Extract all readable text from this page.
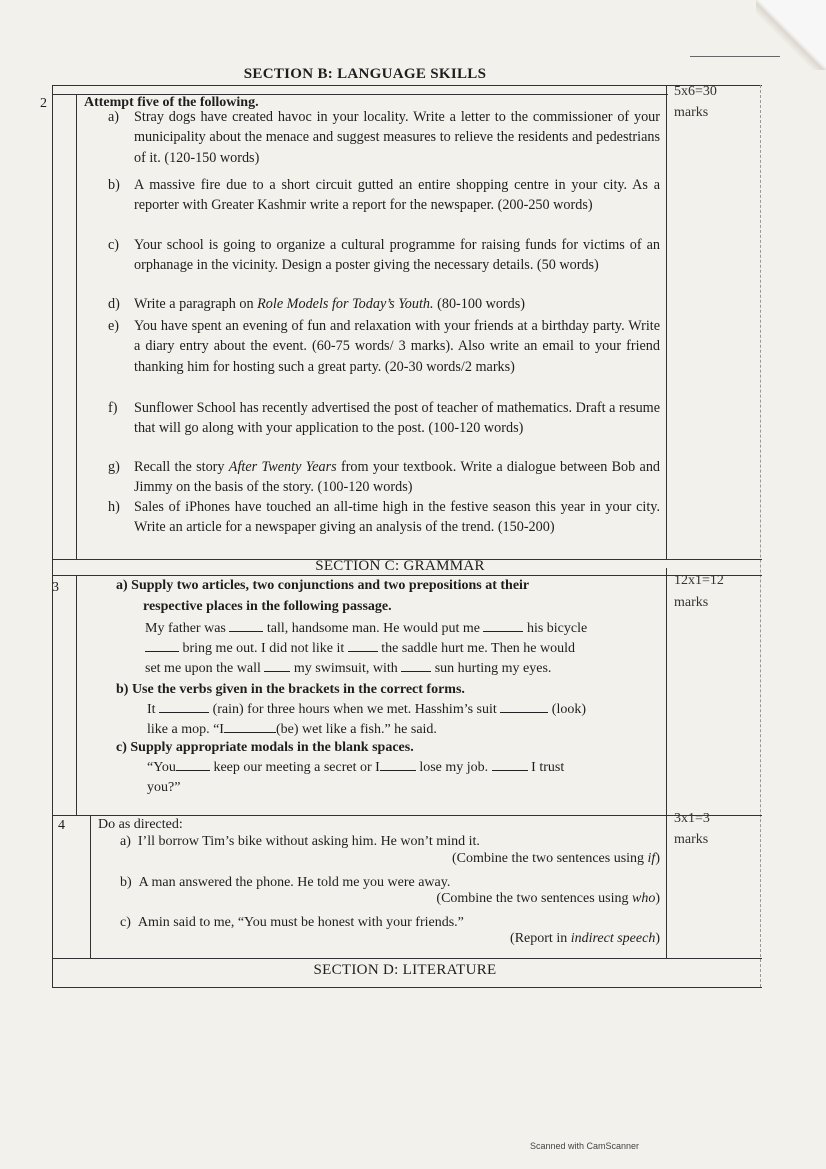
SECTION B: LANGUAGE SKILLS
2
5x6=30
marks
Attempt five of the following.
a) Stray dogs have created havoc in your locality. Write a letter to the commissioner of your municipality about the menace and suggest measures to relieve the residents and pedestrians of it. (120-150 words)
b) A massive fire due to a short circuit gutted an entire shopping centre in your city. As a reporter with Greater Kashmir write a report for the newspaper. (200-250 words)
c) Your school is going to organize a cultural programme for raising funds for victims of an orphanage in the vicinity. Design a poster giving the necessary details. (50 words)
d) Write a paragraph on Role Models for Today’s Youth. (80-100 words)
e) You have spent an evening of fun and relaxation with your friends at a birthday party. Write a diary entry about the event. (60-75 words/ 3 marks). Also write an email to your friend thanking him for hosting such a great party. (20-30 words/2 marks)
f) Sunflower School has recently advertised the post of teacher of mathematics. Draft a resume that will go along with your application to the post. (100-120 words)
g) Recall the story After Twenty Years from your textbook. Write a dialogue between Bob and Jimmy on the basis of the story. (100-120 words)
h) Sales of iPhones have touched an all-time high in the festive season this year in your city. Write an article for a newspaper giving an analysis of the trend. (150-200)
SECTION C: GRAMMAR
3	12x1=12
marks
a) Supply two articles, two conjunctions and two prepositions at their
respective places in the following passage.
My father was	tall, handsome man. He would put me	his bicycle
bring me out. I did not like it	the saddle hurt me. Then he would
set me upon the wall my swimsuit, with	sun hurting my eyes.
b) Use the verbs given in the brackets in the correct forms.
It	(rain) for three hours when we met. Hasshim’s suit	(look)
like a mop. “I	(be) wet like a fish.” he said.
c) Supply appropriate modals in the blank spaces.
“You	keep our meeting a secret or I	lose my job.	I trust
you?”
4	3x1=3
marks
Do as directed:
a) I’ll borrow Tim’s bike without asking him. He won’t mind it.
(Combine the two sentences using if)
b) A man answered the phone. He told me you were away.
(Combine the two sentences using who)
c) Amin said to me, “You must be honest with your friends.”
(Report in indirect speech)
SECTION D: LITERATURE
Scanned with CamScanner
